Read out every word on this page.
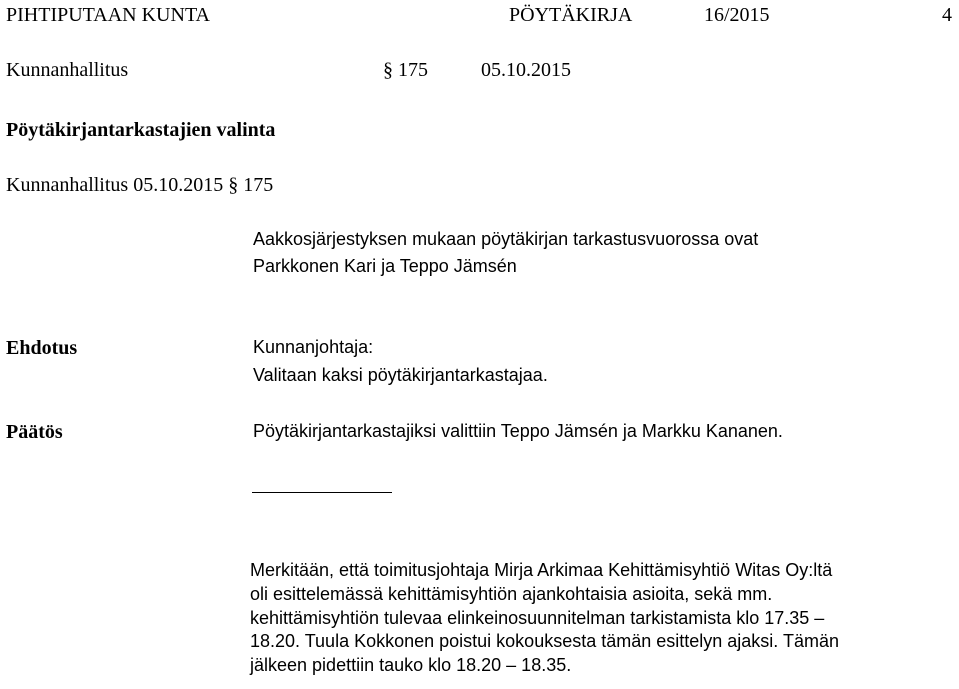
PIHTIPUTAAN KUNTA	PÖYTÄKIRJA	16/2015	4
Kunnanhallitus	§ 175	05.10.2015
Pöytäkirjantarkastajien valinta
Kunnanhallitus 05.10.2015 § 175
Aakkosjärjestyksen mukaan pöytäkirjan tarkastusvuorossa ovat
Parkkonen Kari ja Teppo Jämsén
Ehdotus	Kunnanjohtaja:
Valitaan kaksi pöytäkirjantarkastajaa.
Päätös	Pöytäkirjantarkastajiksi valittiin Teppo Jämsén ja Markku Kananen.
Merkitään, että toimitusjohtaja Mirja Arkimaa Kehittämisyhtiö Witas Oy:ltä
oli esittelemässä kehittämisyhtiön ajankohtaisia asioita, sekä mm.
kehittämisyhtiön tulevaa elinkeinosuunnitelman tarkistamista klo 17.35 –
18.20. Tuula Kokkonen poistui kokouksesta tämän esittelyn ajaksi. Tämän
jälkeen pidettiin tauko klo 18.20 – 18.35.
